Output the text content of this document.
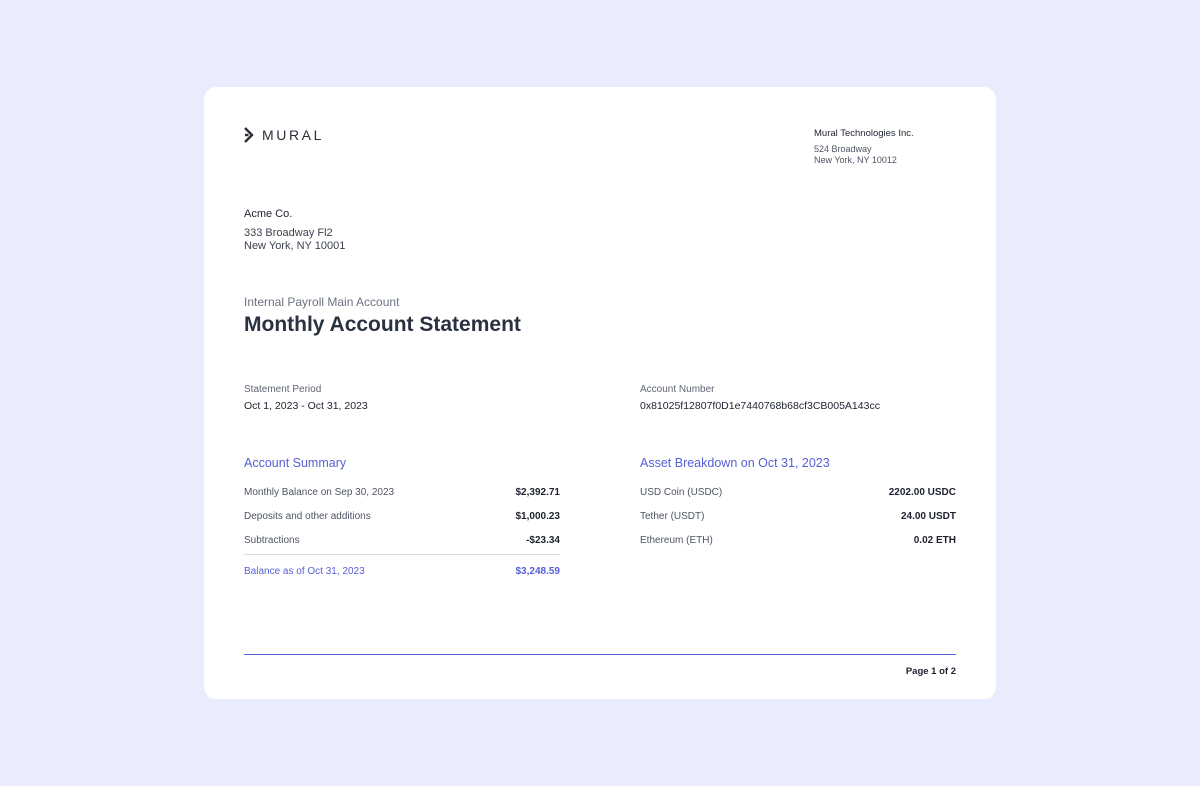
MURAL	Mural Technologies Inc.
524 Broadway
New York, NY 10012
Acme Co.
333 Broadway Fl2
New York, NY 10001
Internal Payroll Main Account
Monthly Account Statement
Statement Period
Oct 1, 2023 - Oct 31, 2023
Account Number
0x81025f12807f0D1e7440768b68cf3CB005A143cc
Account Summary	Asset Breakdown on Oct 31, 2023
Monthly Balance on Sep 30, 2023	$2,392.71
Deposits and other additions	$1,000.23
Subtractions	-$23.34
Balance as of Oct 31, 2023	$3,248.59
USD Coin (USDC)	2202.00 USDC
Tether (USDT)	24.00 USDT
Ethereum (ETH)	0.02 ETH
Page 1 of 2
